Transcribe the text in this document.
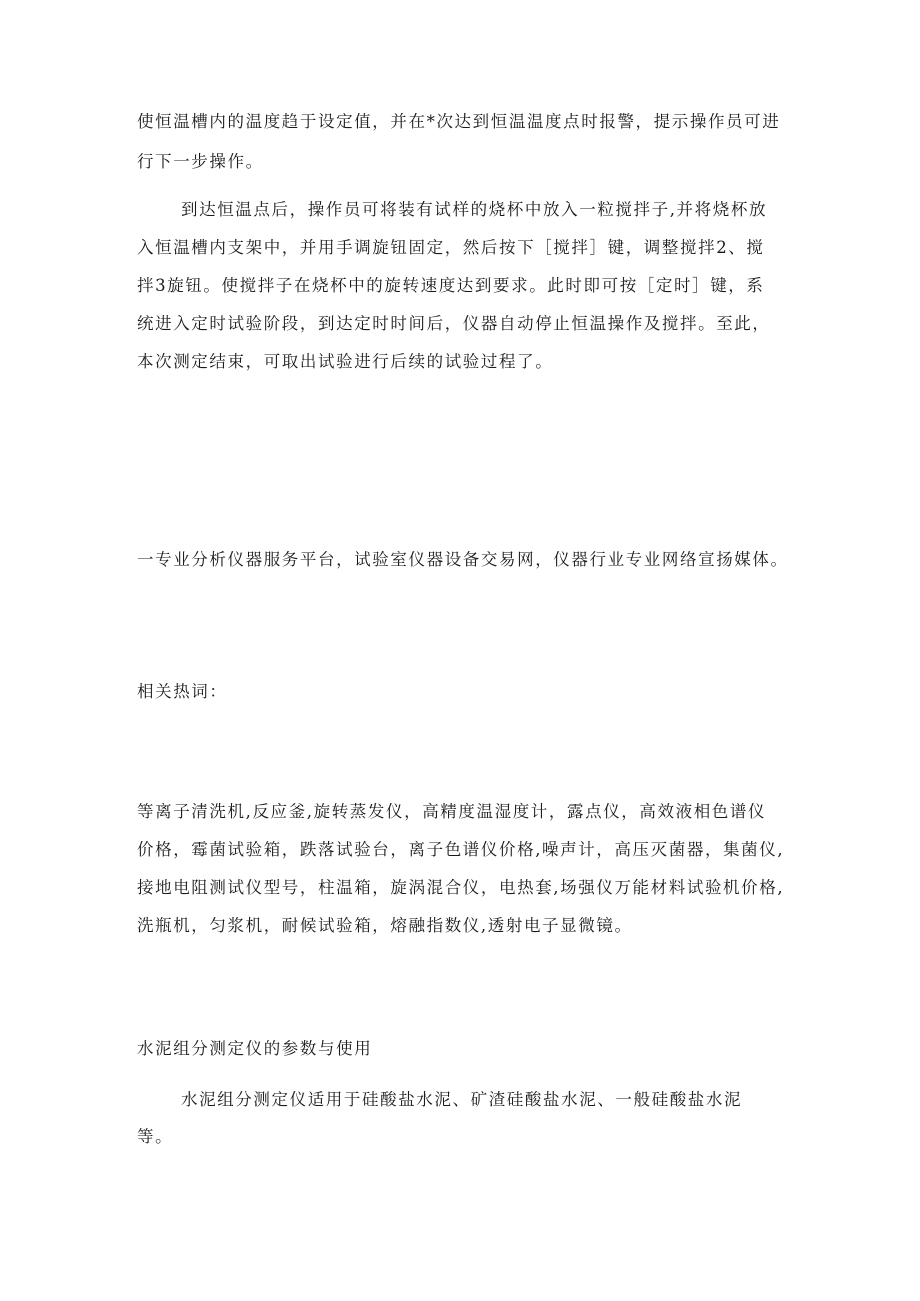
使恒温槽内的温度趋于设定值，并在*次达到恒温温度点时报警，提示操作员可进
行下一步操作。
到达恒温点后，操作员可将装有试样的烧杯中放入一粒搅拌子,并将烧杯放
入恒温槽内支架中，并用手调旋钮固定，然后按下［搅拌］键，调整搅拌2、搅
拌3旋钮。使搅拌子在烧杯中的旋转速度达到要求。此时即可按［定时］键，系
统进入定时试验阶段，到达定时时间后，仪器自动停止恒温操作及搅拌。至此，
本次测定结束，可取出试验进行后续的试验过程了。
一专业分析仪器服务平台，试验室仪器设备交易网，仪器行业专业网络宣扬媒体。
相关热词：
等离子清洗机,反应釜,旋转蒸发仪，高精度温湿度计，露点仪，高效液相色谱仪
价格，霉菌试验箱，跌落试验台，离子色谱仪价格,噪声计，高压灭菌器，集菌仪,
接地电阻测试仪型号，柱温箱，旋涡混合仪，电热套,场强仪万能材料试验机价格,
洗瓶机，匀浆机，耐候试验箱，熔融指数仪,透射电子显微镜。
水泥组分测定仪的参数与使用
水泥组分测定仪适用于硅酸盐水泥、矿渣硅酸盐水泥、一般硅酸盐水泥
等。
